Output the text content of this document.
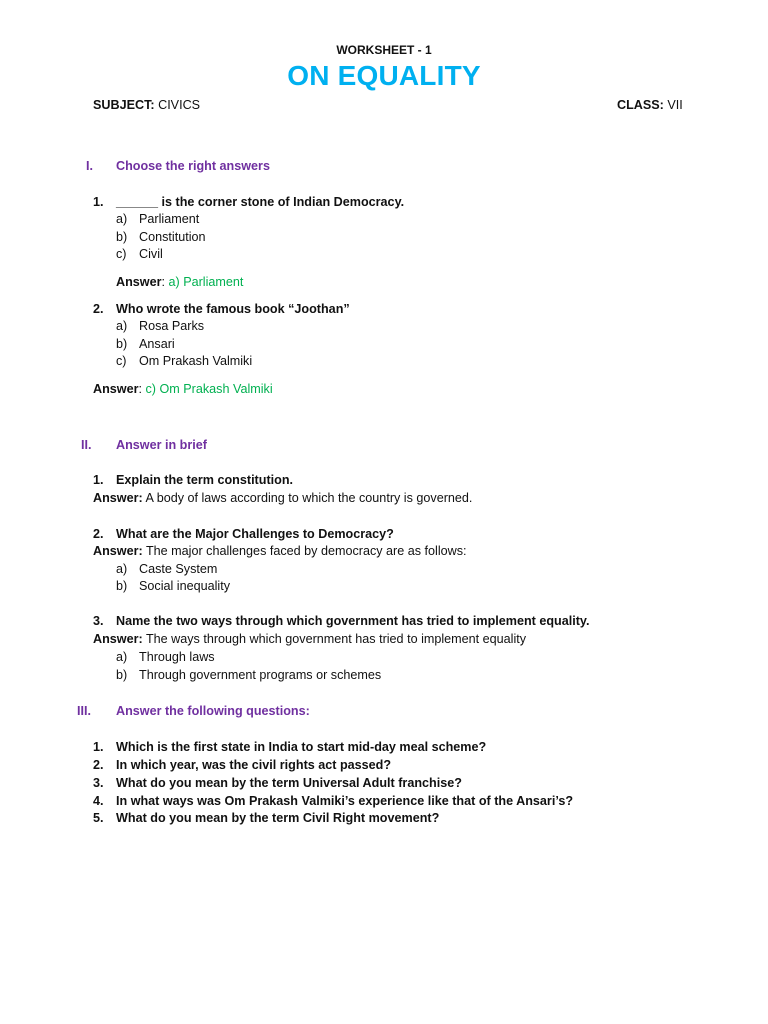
WORKSHEET - 1
ON EQUALITY
SUBJECT: CIVICS	CLASS: VII
I. Choose the right answers
1. ______ is the corner stone of Indian Democracy.
a) Parliament
b) Constitution
c) Civil
Answer: a) Parliament
2. Who wrote the famous book “Joothan”
a) Rosa Parks
b) Ansari
c) Om Prakash Valmiki
Answer: c) Om Prakash Valmiki
II. Answer in brief
1. Explain the term constitution.
Answer: A body of laws according to which the country is governed.
2. What are the Major Challenges to Democracy?
Answer: The major challenges faced by democracy are as follows:
a) Caste System
b) Social inequality
3. Name the two ways through which government has tried to implement equality.
Answer: The ways through which government has tried to implement equality
a) Through laws
b) Through government programs or schemes
III. Answer the following questions:
1. Which is the first state in India to start mid-day meal scheme?
2. In which year, was the civil rights act passed?
3. What do you mean by the term Universal Adult franchise?
4. In what ways was Om Prakash Valmiki’s experience like that of the Ansari’s?
5. What do you mean by the term Civil Right movement?
